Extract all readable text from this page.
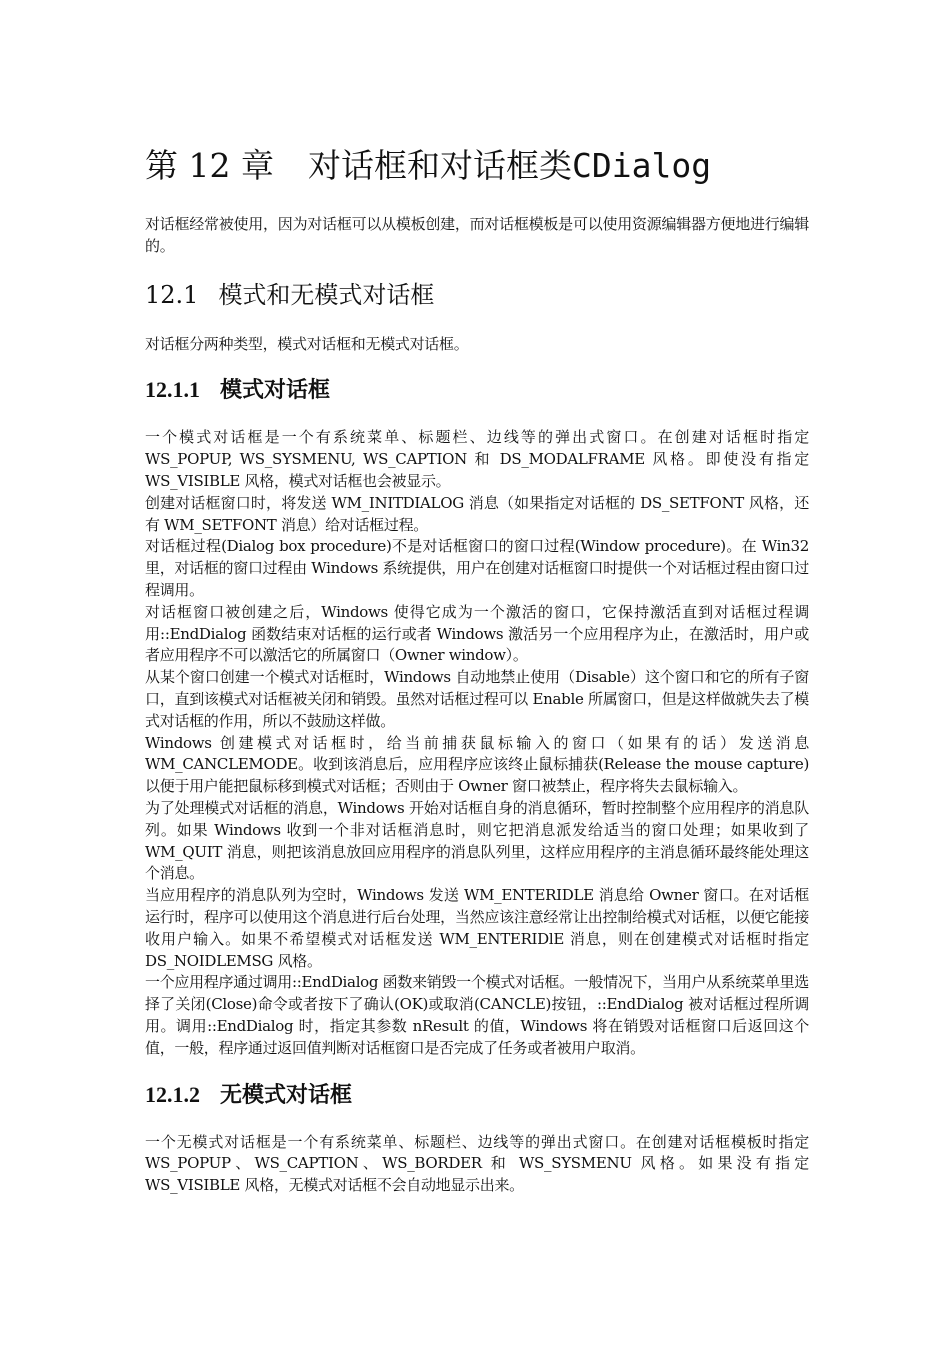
第 12 章 对话框和对话框类CDialog

对话框经常被使用，因为对话框可以从模板创建，而对话框模板是可以使用资源编辑器方便地进行编辑的。

12.1 模式和无模式对话框

对话框分两种类型，模式对话框和无模式对话框。

12.1.1 模式对话框

一个模式对话框是一个有系统菜单、标题栏、边线等的弹出式窗口。在创建对话框时指定 WS_POPUP, WS_SYSMENU, WS_CAPTION 和 DS_MODALFRAME 风格。即使没有指定 WS_VISIBLE 风格，模式对话框也会被显示。

创建对话框窗口时，将发送 WM_INITDIALOG 消息（如果指定对话框的 DS_SETFONT 风格，还有 WM_SETFONT 消息）给对话框过程。

对话框过程(Dialog box procedure)不是对话框窗口的窗口过程(Window procedure)。在 Win32 里，对话框的窗口过程由 Windows 系统提供，用户在创建对话框窗口时提供一个对话框过程由窗口过程调用。

对话框窗口被创建之后，Windows 使得它成为一个激活的窗口，它保持激活直到对话框过程调用::EndDialog 函数结束对话框的运行或者 Windows 激活另一个应用程序为止，在激活时，用户或者应用程序不可以激活它的所属窗口（Owner window）。

从某个窗口创建一个模式对话框时，Windows 自动地禁止使用（Disable）这个窗口和它的所有子窗口，直到该模式对话框被关闭和销毁。虽然对话框过程可以 Enable 所属窗口，但是这样做就失去了模式对话框的作用，所以不鼓励这样做。

Windows 创建模式对话框时，给当前捕获鼠标输入的窗口（如果有的话）发送消息 WM_CANCLEMODE。收到该消息后，应用程序应该终止鼠标捕获(Release the mouse capture)以便于用户能把鼠标移到模式对话框；否则由于 Owner 窗口被禁止，程序将失去鼠标输入。

为了处理模式对话框的消息，Windows 开始对话框自身的消息循环，暂时控制整个应用程序的消息队列。如果 Windows 收到一个非对话框消息时，则它把消息派发给适当的窗口处理；如果收到了 WM_QUIT 消息，则把该消息放回应用程序的消息队列里，这样应用程序的主消息循环最终能处理这个消息。

当应用程序的消息队列为空时，Windows 发送 WM_ENTERIDLE 消息给 Owner 窗口。在对话框运行时，程序可以使用这个消息进行后台处理，当然应该注意经常让出控制给模式对话框，以便它能接收用户输入。如果不希望模式对话框发送 WM_ENTERIDlE 消息，则在创建模式对话框时指定 DS_NOIDLEMSG 风格。

一个应用程序通过调用::EndDialog 函数来销毁一个模式对话框。一般情况下，当用户从系统菜单里选择了关闭(Close)命令或者按下了确认(OK)或取消(CANCLE)按钮，::EndDialog 被对话框过程所调用。调用::EndDialog 时，指定其参数 nResult 的值，Windows 将在销毁对话框窗口后返回这个值，一般，程序通过返回值判断对话框窗口是否完成了任务或者被用户取消。

12.1.2 无模式对话框

一个无模式对话框是一个有系统菜单、标题栏、边线等的弹出式窗口。在创建对话框模板时指定 WS_POPUP、WS_CAPTION、WS_BORDER 和 WS_SYSMENU 风格。如果没有指定 WS_VISIBLE 风格，无模式对话框不会自动地显示出来。
